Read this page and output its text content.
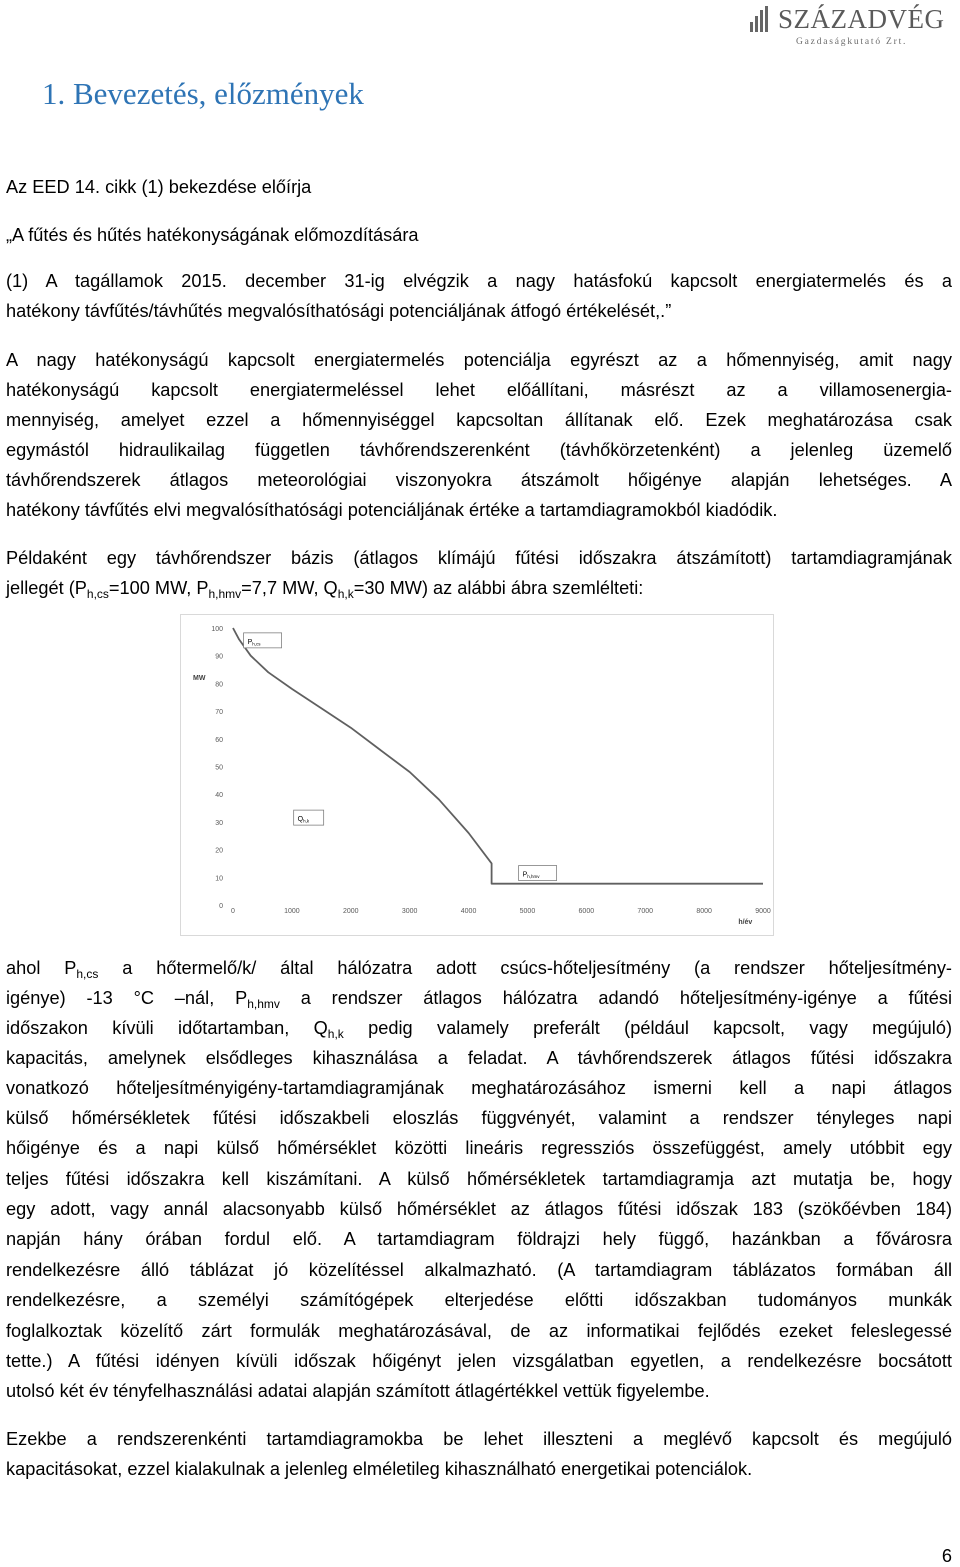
SZÁZADVÉG
Gazdaságkutató Zrt.
1. Bevezetés, előzmények
Az EED 14. cikk (1) bekezdése előírja
„A fűtés és hűtés hatékonyságának előmozdítására
(1) A tagállamok 2015. december 31-ig elvégzik a nagy hatásfokú kapcsolt energiatermelés és a
hatékony távfűtés/távhűtés megvalósíthatósági potenciáljának átfogó értékelését,.”
A nagy hatékonyságú kapcsolt energiatermelés potenciálja egyrészt az a hőmennyiség, amit nagy
hatékonyságú kapcsolt energiatermeléssel lehet előállítani, másrészt az a villamosenergia-
mennyiség, amelyet ezzel a hőmennyiséggel kapcsoltan állítanak elő. Ezek meghatározása csak
egymástól hidraulikailag független távhőrendszerenként (távhőkörzetenként) a jelenleg üzemelő
távhőrendszerek átlagos meteorológiai viszonyokra átszámolt hőigénye alapján lehetséges. A
hatékony távfűtés elvi megvalósíthatósági potenciáljának értéke a tartamdiagramokból kiadódik.
Példaként egy távhőrendszer bázis (átlagos klímájú fűtési időszakra átszámított) tartamdiagramjának
jellegét ($P_{h,cs}=100$ MW, $P_{h,hmv}=7,7$ MW, $Q_{h,k}=30$ MW) az alábbi ábra szemlélteti:
0
10
20
30
40
50
60
70
80
90
100
0	1000	2000	3000	4000	5000	6000	7000	8000	9000
MW
h/év
$P_{h,cs}$
$Q_{h,k}$
$P_{h,hmv}$
ahol $P_{h,cs}$ a hőtermelő/k/ által hálózatra adott csúcs-hőteljesítmény (a rendszer hőteljesítmény-
igénye) -13 °C –nál, $P_{h,hmv}$ a rendszer átlagos hálózatra adandó hőteljesítmény-igénye a fűtési
időszakon kívüli időtartamban, $Q_{h,k}$ pedig valamely preferált (például kapcsolt, vagy megújuló)
kapacitás, amelynek elsődleges kihasználása a feladat. A távhőrendszerek átlagos fűtési időszakra
vonatkozó hőteljesítményigény-tartamdiagramjának meghatározásához ismerni kell a napi átlagos
külső hőmérsékletek fűtési időszakbeli eloszlás függvényét, valamint a rendszer tényleges napi
hőigénye és a napi külső hőmérséklet közötti lineáris regressziós összefüggést, amely utóbbit egy
teljes fűtési időszakra kell kiszámítani. A külső hőmérsékletek tartamdiagramja azt mutatja be, hogy
egy adott, vagy annál alacsonyabb külső hőmérséklet az átlagos fűtési időszak 183 (szökőévben 184)
napján hány órában fordul elő. A tartamdiagram földrajzi hely függő, hazánkban a fővárosra
rendelkezésre álló táblázat jó közelítéssel alkalmazható. (A tartamdiagram táblázatos formában áll
rendelkezésre, a személyi számítógépek elterjedése előtti időszakban tudományos munkák
foglalkoztak közelítő zárt formulák meghatározásával, de az informatikai fejlődés ezeket feleslegessé
tette.) A fűtési idényen kívüli időszak hőigényt jelen vizsgálatban egyetlen, a rendelkezésre bocsátott
utolsó két év tényfelhasználási adatai alapján számított átlagértékkel vettük figyelembe.
Ezekbe a rendszerenkénti tartamdiagramokba be lehet illeszteni a meglévő kapcsolt és megújuló
kapacitásokat, ezzel kialakulnak a jelenleg elméletileg kihasználható energetikai potenciálok.
6
